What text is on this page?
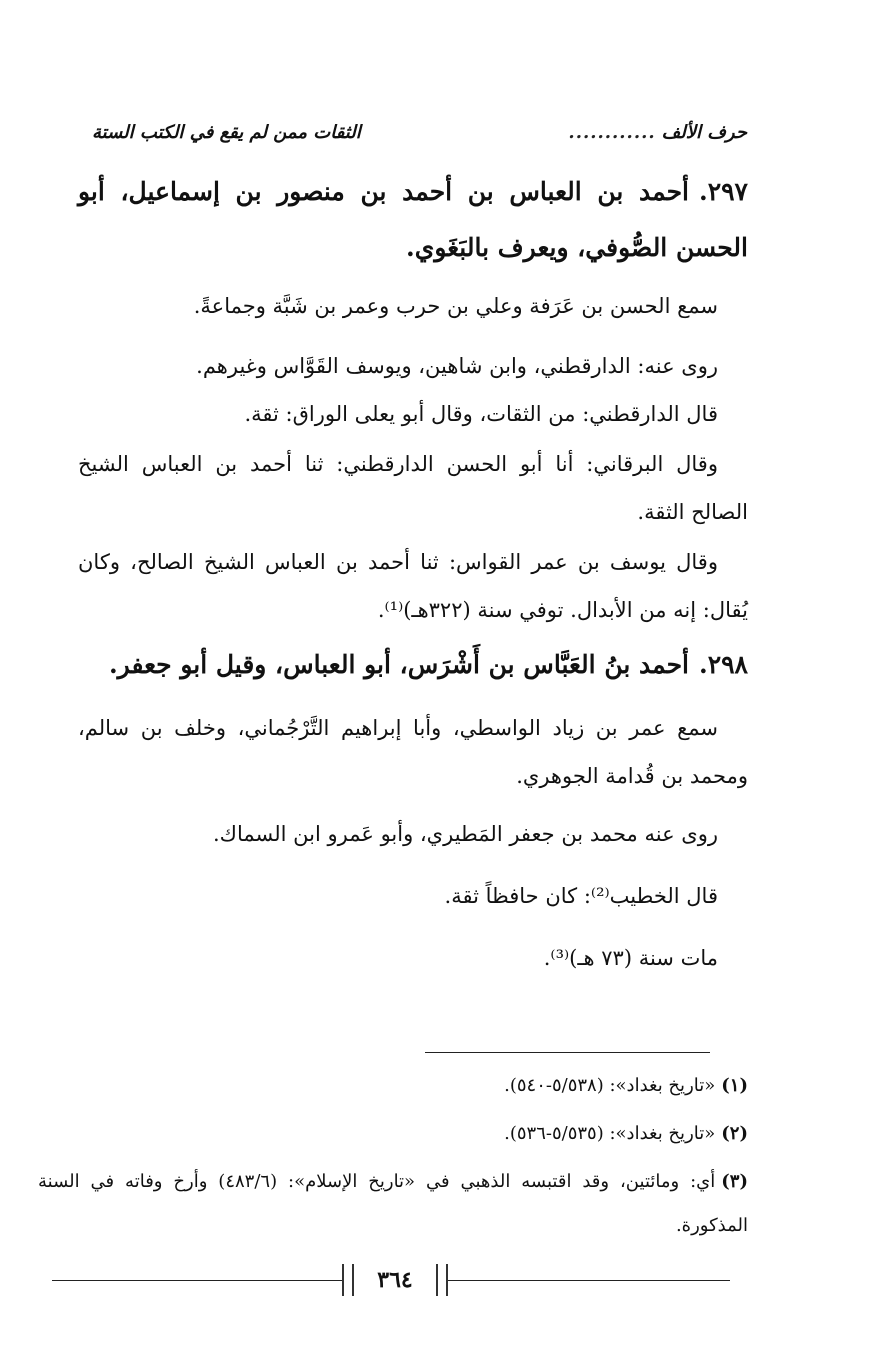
حرف الألف
............
الثقات ممن لم يقع في الكتب الستة
٢٩٧.أحمد بن العباس بن أحمد بن منصور بن إسماعيل، أبو الحسن الصُّوفي، ويعرف بالبَغَوي.
سمع الحسن بن عَرَفة وعلي بن حرب وعمر بن شَبَّة وجماعةً.
روى عنه: الدارقطني، وابن شاهين، ويوسف القَوَّاس وغيرهم.
قال الدارقطني: من الثقات، وقال أبو يعلى الوراق: ثقة.
وقال البرقاني: أنا أبو الحسن الدارقطني: ثنا أحمد بن العباس الشيخ الصالح الثقة.
وقال يوسف بن عمر القواس: ثنا أحمد بن العباس الشيخ الصالح، وكان يُقال: إنه من الأبدال. توفي سنة (٣٢٢هـ)⁽¹⁾.
٢٩٨.أحمد بنُ العَبَّاس بن أَشْرَس، أبو العباس، وقيل أبو جعفر.
سمع عمر بن زياد الواسطي، وأبا إبراهيم التَّرْجُماني، وخلف بن سالم، ومحمد بن قُدامة الجوهري.
روى عنه محمد بن جعفر المَطيري، وأبو عَمرو ابن السماك.
قال الخطيب⁽²⁾: كان حافظاً ثقة.
مات سنة (٧٣ هـ)⁽³⁾.
(١)«تاريخ بغداد»: (٥/٥٣٨-٥٤٠).
(٢)«تاريخ بغداد»: (٥/٥٣٥-٥٣٦).
(٣)أي: ومائتين، وقد اقتبسه الذهبي في «تاريخ الإسلام»: (٤٨٣/٦) وأرخ وفاته في السنة المذكورة.
٣٦٤
